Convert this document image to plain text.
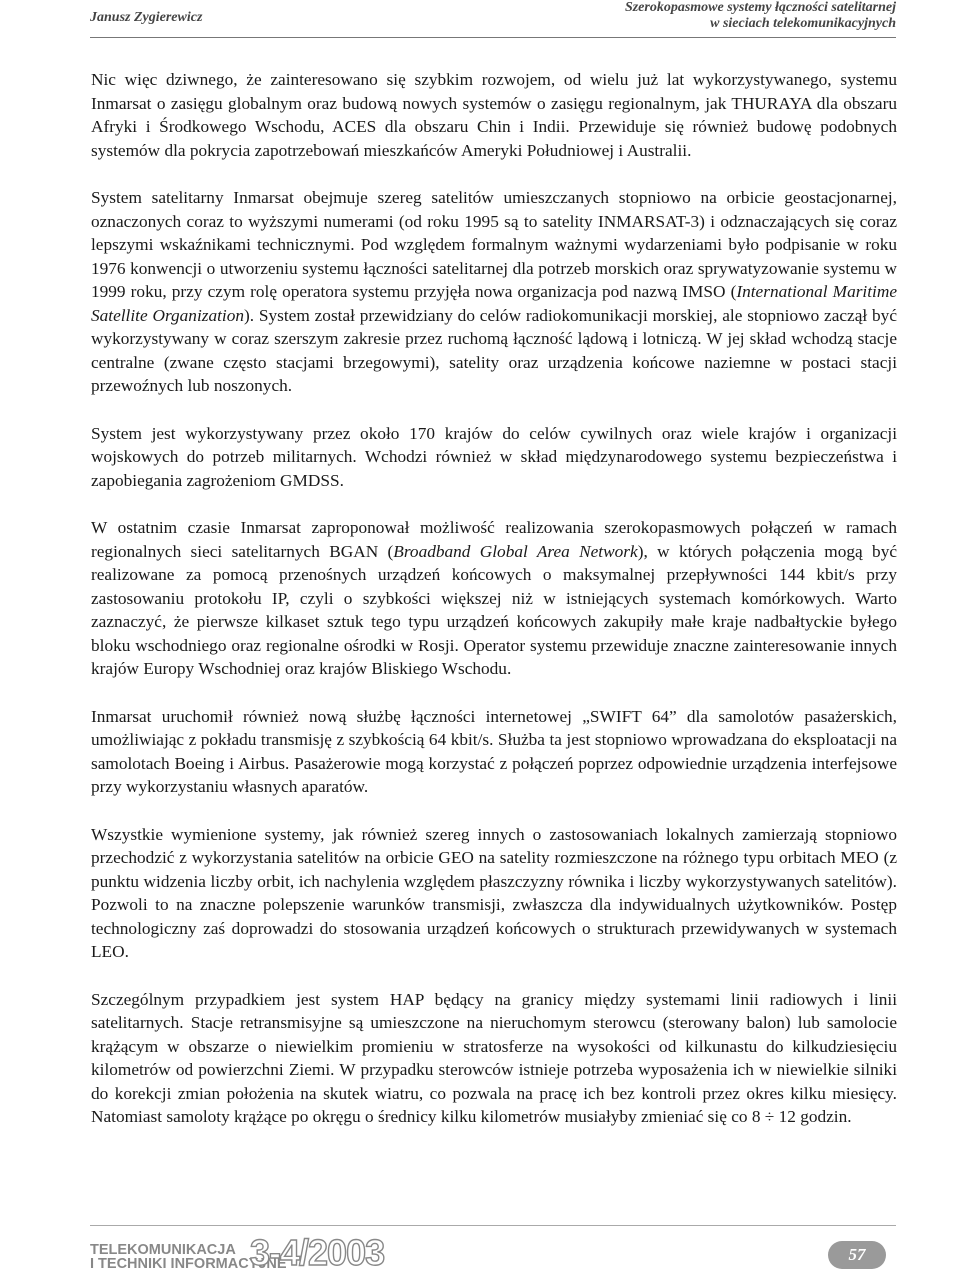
Janusz Zygierewicz
Szerokopasmowe systemy łączności satelitarnej
w sieciach telekomunikacyjnych

Nic więc dziwnego, że zainteresowano się szybkim rozwojem, od wielu już lat wykorzystywanego, systemu Inmarsat o zasięgu globalnym oraz budową nowych systemów o zasięgu regionalnym, jak THURAYA dla obszaru Afryki i Środkowego Wschodu, ACES dla obszaru Chin i Indii. Przewiduje się również budowę podobnych systemów dla pokrycia zapotrzebowań mieszkańców Ameryki Południowej i Australii.

System satelitarny Inmarsat obejmuje szereg satelitów umieszczanych stopniowo na orbicie geostacjonarnej, oznaczonych coraz to wyższymi numerami (od roku 1995 są to satelity INMARSAT-3) i odznaczających się coraz lepszymi wskaźnikami technicznymi. Pod względem formalnym ważnymi wydarzeniami było podpisanie w roku 1976 konwencji o utworzeniu systemu łączności satelitarnej dla potrzeb morskich oraz sprywatyzowanie systemu w 1999 roku, przy czym rolę operatora systemu przyjęła nowa organizacja pod nazwą IMSO (International Maritime Satellite Organization). System został przewidziany do celów radiokomunikacji morskiej, ale stopniowo zaczął być wykorzystywany w coraz szerszym zakresie przez ruchomą łączność lądową i lotniczą. W jej skład wchodzą stacje centralne (zwane często stacjami brzegowymi), satelity oraz urządzenia końcowe naziemne w postaci stacji przewoźnych lub noszonych.

System jest wykorzystywany przez około 170 krajów do celów cywilnych oraz wiele krajów i organizacji wojskowych do potrzeb militarnych. Wchodzi również w skład międzynarodowego systemu bezpieczeństwa i zapobiegania zagrożeniom GMDSS.

W ostatnim czasie Inmarsat zaproponował możliwość realizowania szerokopasmowych połączeń w ramach regionalnych sieci satelitarnych BGAN (Broadband Global Area Network), w których połączenia mogą być realizowane za pomocą przenośnych urządzeń końcowych o maksymalnej przepływności 144 kbit/s przy zastosowaniu protokołu IP, czyli o szybkości większej niż w istniejących systemach komórkowych. Warto zaznaczyć, że pierwsze kilkaset sztuk tego typu urządzeń końcowych zakupiły małe kraje nadbałtyckie byłego bloku wschodniego oraz regionalne ośrodki w Rosji. Operator systemu przewiduje znaczne zainteresowanie innych krajów Europy Wschodniej oraz krajów Bliskiego Wschodu.

Inmarsat uruchomił również nową służbę łączności internetowej „SWIFT 64” dla samolotów pasażerskich, umożliwiając z pokładu transmisję z szybkością 64 kbit/s. Służba ta jest stopniowo wprowadzana do eksploatacji na samolotach Boeing i Airbus. Pasażerowie mogą korzystać z połączeń poprzez odpowiednie urządzenia interfejsowe przy wykorzystaniu własnych aparatów.

Wszystkie wymienione systemy, jak również szereg innych o zastosowaniach lokalnych zamierzają stopniowo przechodzić z wykorzystania satelitów na orbicie GEO na satelity rozmieszczone na różnego typu orbitach MEO (z punktu widzenia liczby orbit, ich nachylenia względem płaszczyzny równika i liczby wykorzystywanych satelitów). Pozwoli to na znaczne polepszenie warunków transmisji, zwłaszcza dla indywidualnych użytkowników. Postęp technologiczny zaś doprowadzi do stosowania urządzeń końcowych o strukturach przewidywanych w systemach LEO.

Szczególnym przypadkiem jest system HAP będący na granicy między systemami linii radiowych i linii satelitarnych. Stacje retransmisyjne są umieszczone na nieruchomym sterowcu (sterowany balon) lub samolocie krążącym w obszarze o niewielkim promieniu w stratosferze na wysokości od kilkunastu do kilkudziesięciu kilometrów od powierzchni Ziemi. W przypadku sterowców istnieje potrzeba wyposażenia ich w niewielkie silniki do korekcji zmian położenia na skutek wiatru, co pozwala na pracę ich bez kontroli przez okres kilku miesięcy. Natomiast samoloty krążące po okręgu o średnicy kilku kilometrów musiałyby zmieniać się co 8 ÷ 12 godzin.

TELEKOMUNIKACJA
I TECHNIKI INFORMACYJNE
3-4/2003	57
